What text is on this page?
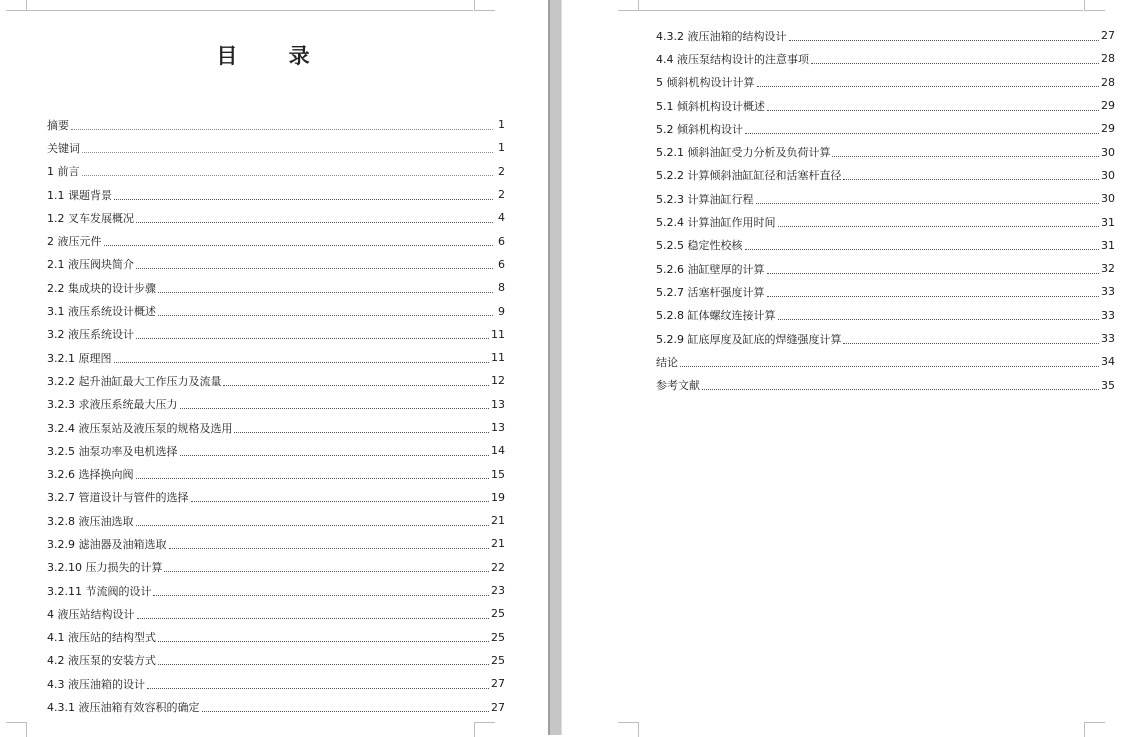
目 录
摘要	1
关键词	1
1 前言	2
1.1 课题背景	2
1.2 叉车发展概况	4
2 液压元件	6
2.1 液压阀块简介	6
2.2 集成块的设计步骤	8
3.1 液压系统设计概述	9
3.2 液压系统设计	11
3.2.1 原理图	11
3.2.2 起升油缸最大工作压力及流量	12
3.2.3 求液压系统最大压力	13
3.2.4 液压泵站及液压泵的规格及选用	13
3.2.5 油泵功率及电机选择	14
3.2.6 选择换向阀	15
3.2.7 管道设计与管件的选择	19
3.2.8 液压油选取	21
3.2.9 滤油器及油箱选取	21
3.2.10 压力损失的计算	22
3.2.11 节流阀的设计	23
4 液压站结构设计	25
4.1 液压站的结构型式	25
4.2 液压泵的安装方式	25
4.3 液压油箱的设计	27
4.3.1 液压油箱有效容积的确定	27
4.3.2 液压油箱的结构设计	27
4.4 液压泵结构设计的注意事项	28
5 倾斜机构设计计算	28
5.1 倾斜机构设计概述	29
5.2 倾斜机构设计	29
5.2.1 倾斜油缸受力分析及负荷计算	30
5.2.2 计算倾斜油缸缸径和活塞杆直径	30
5.2.3 计算油缸行程	30
5.2.4 计算油缸作用时间	31
5.2.5 稳定性校核	31
5.2.6 油缸壁厚的计算	32
5.2.7 活塞杆强度计算	33
5.2.8 缸体螺纹连接计算	33
5.2.9 缸底厚度及缸底的焊缝强度计算	33
结论	34
参考文献	35
